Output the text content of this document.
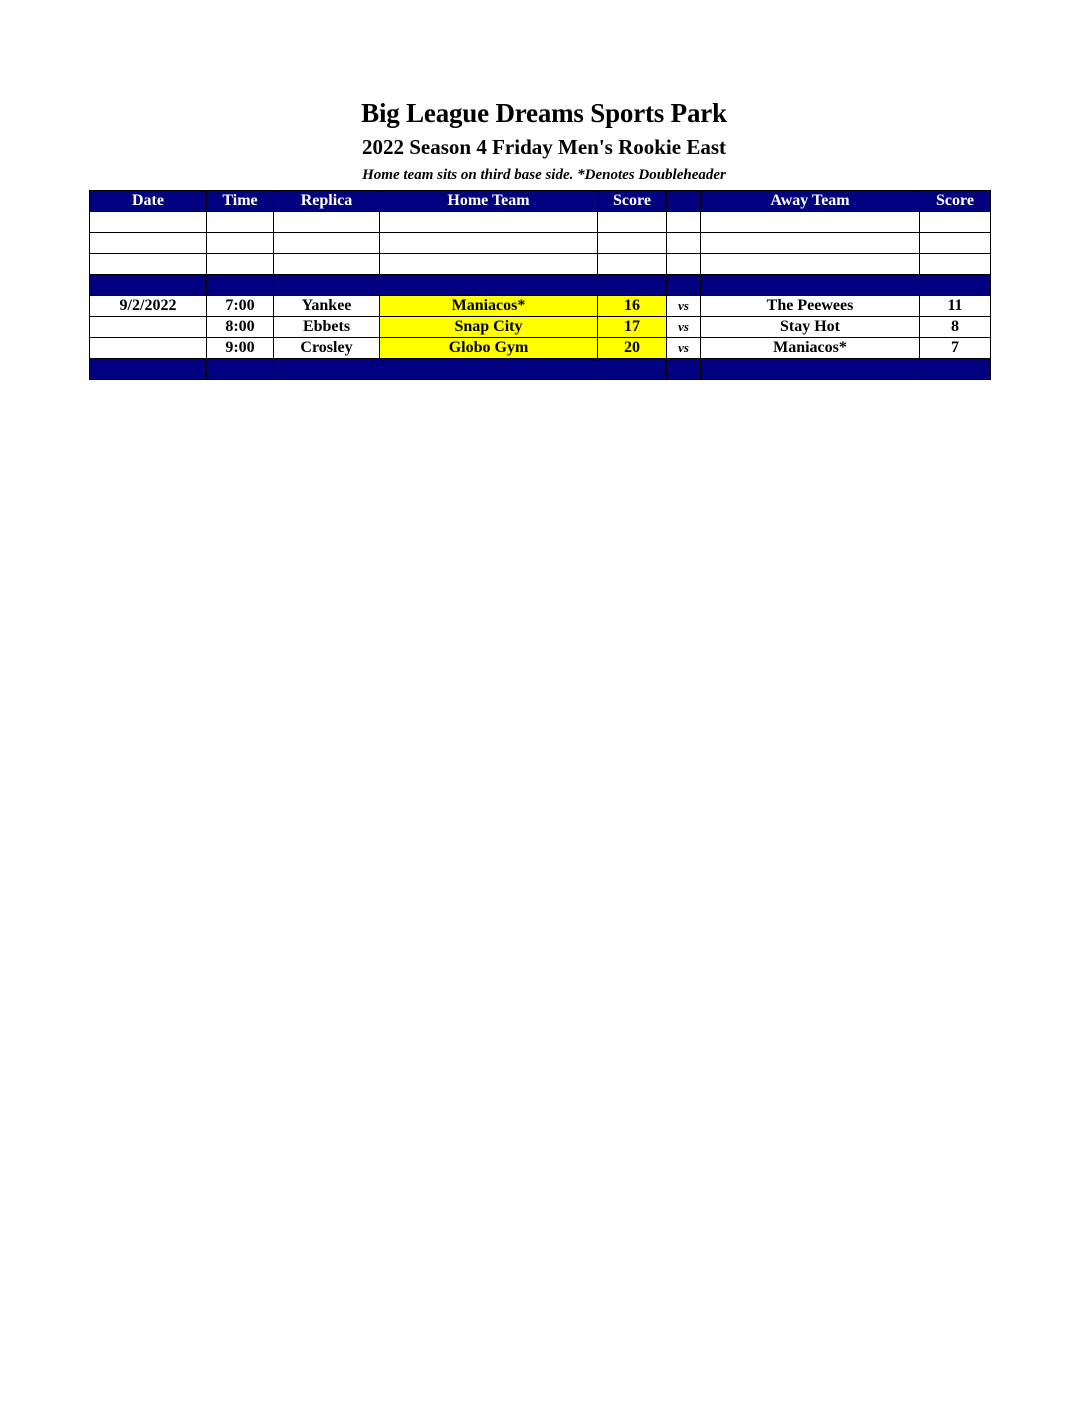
Big League Dreams Sports Park
2022 Season 4 Friday Men's Rookie East
Home team sits on third base side. *Denotes Doubleheader
Date	Time	Replica	Home Team	Score		Away Team	Score

9/2/2022	7:00	Yankee	Maniacos*	16	vs	The Peewees	11
	8:00	Ebbets	Snap City	17	vs	Stay Hot	8
	9:00	Crosley	Globo Gym	20	vs	Maniacos*	7
